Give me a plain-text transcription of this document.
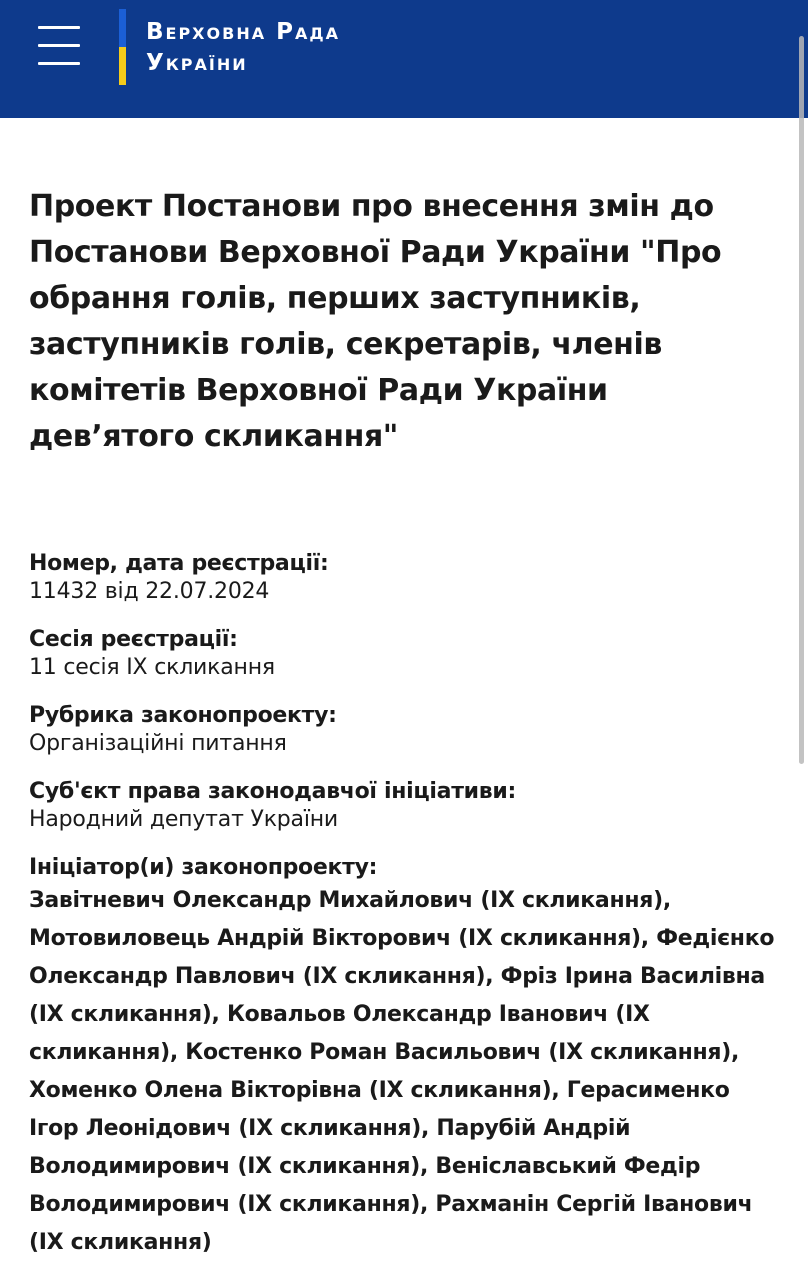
Верховна Рада
України
Проект Постанови про внесення змін до Постанови Верховної Ради України "Про обрання голів, перших заступників, заступників голів, секретарів, членів комітетів Верховної Ради України дев’ятого скликання"
Номер, дата реєстрації:
11432 від 22.07.2024
Сесія реєстрації:
11 сесія IX скликання
Рубрика законопроекту:
Організаційні питання
Суб'єкт права законодавчої ініціативи:
Народний депутат України
Ініціатор(и) законопроекту:
Завітневич Олександр Михайлович (IX скликання), Мотовиловець Андрій Вікторович (IX скликання), Федієнко Олександр Павлович (IX скликання), Фріз Ірина Василівна (IX скликання), Ковальов Олександр Іванович (IX скликання), Костенко Роман Васильович (IX скликання), Хоменко Олена Вікторівна (IX скликання), Герасименко Ігор Леонідович (IX скликання), Парубій Андрій Володимирович (IX скликання), Веніславський Федір Володимирович (IX скликання), Рахманін Сергій Іванович (IX скликання)
